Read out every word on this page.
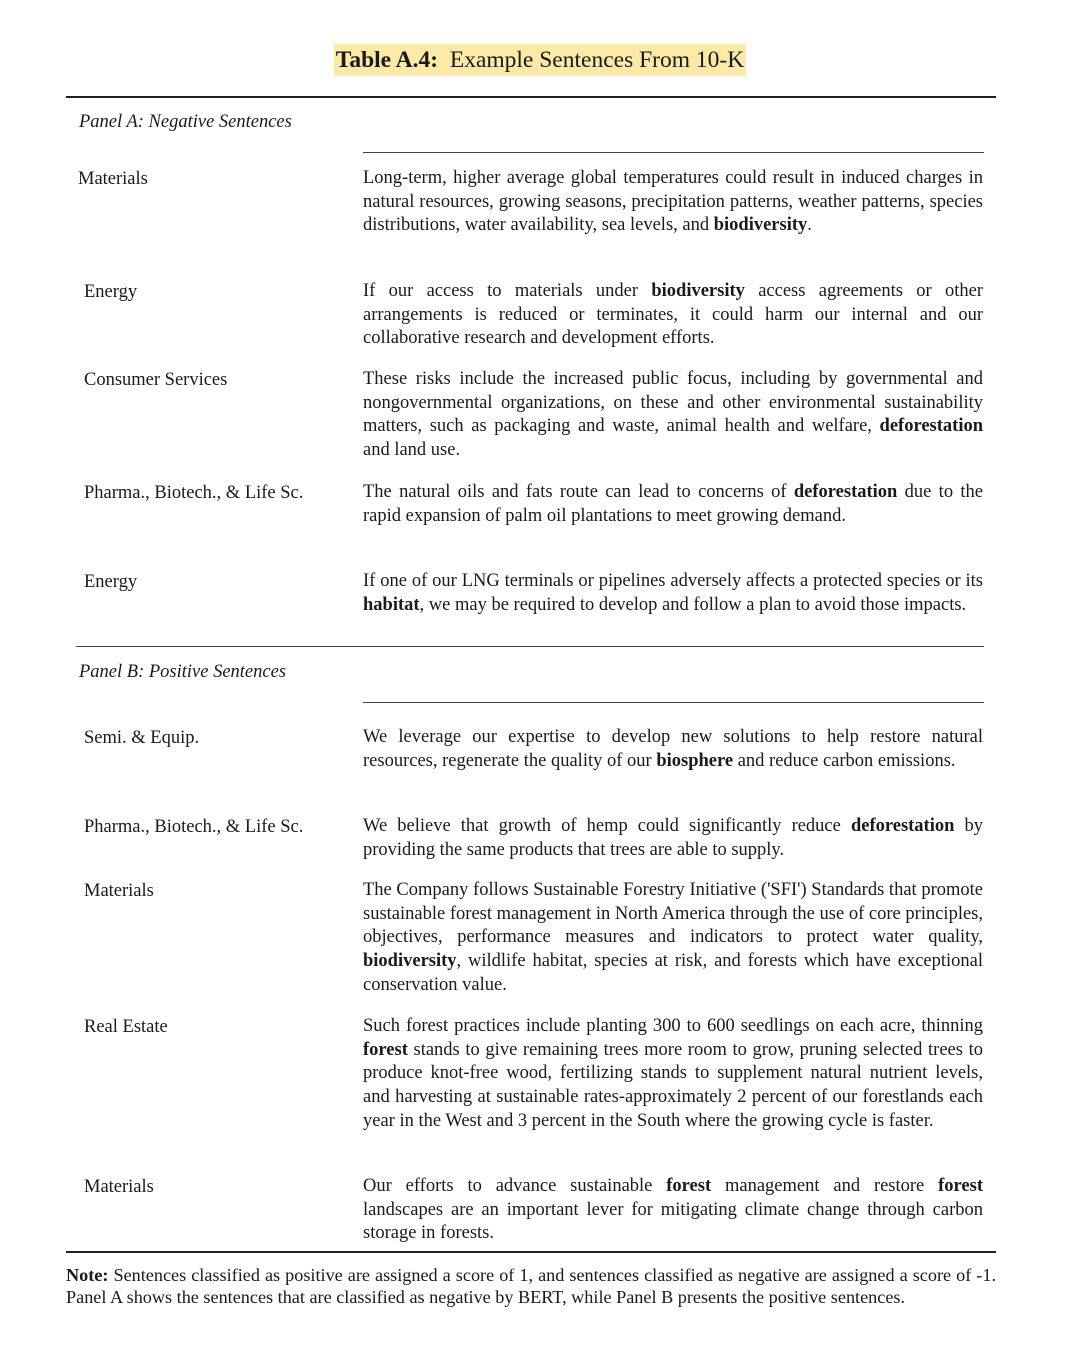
Table A.4: Example Sentences From 10-K
Panel A: Negative Sentences
Materials	Long-term, higher average global temperatures could result in induced charges in natural resources, growing seasons, precipitation patterns, weather patterns, species distributions, water availability, sea levels, and biodiversity.
Energy	If our access to materials under biodiversity access agreements or other arrangements is reduced or terminates, it could harm our internal and our collaborative research and development efforts.
Consumer Services	These risks include the increased public focus, including by governmental and nongovernmental organizations, on these and other environmental sustainability matters, such as packaging and waste, animal health and welfare, deforestation and land use.
Pharma., Biotech., & Life Sc.	The natural oils and fats route can lead to concerns of deforestation due to the rapid expansion of palm oil plantations to meet growing demand.
Energy	If one of our LNG terminals or pipelines adversely affects a protected species or its habitat, we may be required to develop and follow a plan to avoid those impacts.
Panel B: Positive Sentences
Semi. & Equip.	We leverage our expertise to develop new solutions to help restore natural resources, regenerate the quality of our biosphere and reduce carbon emissions.
Pharma., Biotech., & Life Sc.	We believe that growth of hemp could significantly reduce deforestation by providing the same products that trees are able to supply.
Materials	The Company follows Sustainable Forestry Initiative ('SFI') Standards that promote sustainable forest management in North America through the use of core principles, objectives, performance measures and indicators to protect water quality, biodiversity, wildlife habitat, species at risk, and forests which have exceptional conservation value.
Real Estate	Such forest practices include planting 300 to 600 seedlings on each acre, thinning forest stands to give remaining trees more room to grow, pruning selected trees to produce knot-free wood, fertilizing stands to supplement natural nutrient levels, and harvesting at sustainable rates-approximately 2 percent of our forestlands each year in the West and 3 percent in the South where the growing cycle is faster.
Materials	Our efforts to advance sustainable forest management and restore forest landscapes are an important lever for mitigating climate change through carbon storage in forests.
Note: Sentences classified as positive are assigned a score of 1, and sentences classified as negative are assigned a score of -1. Panel A shows the sentences that are classified as negative by BERT, while Panel B presents the positive sentences.
